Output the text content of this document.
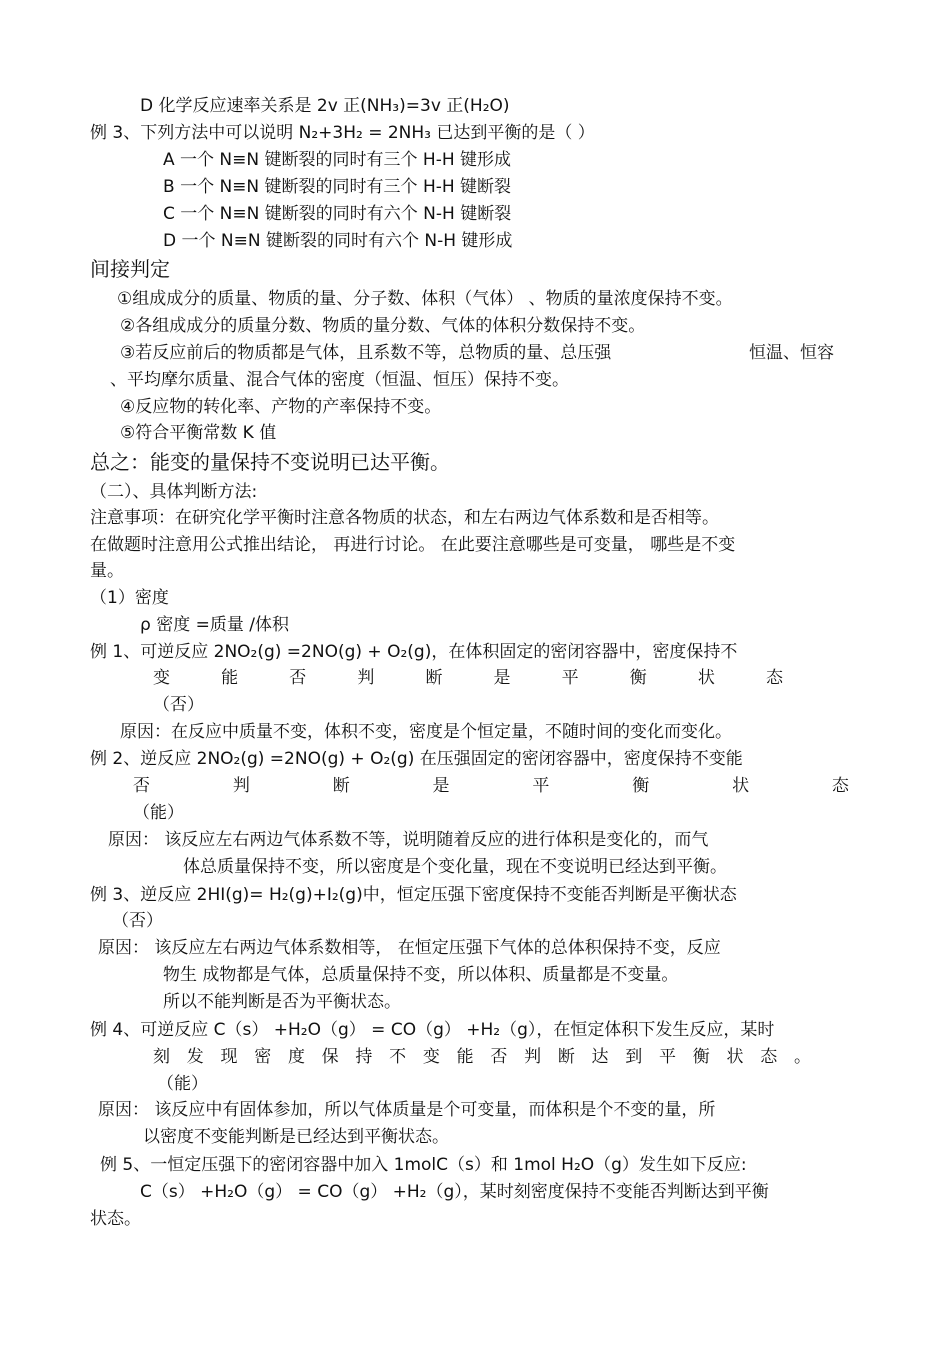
D 化学反应速率关系是 2v 正(NH₃)=3v 正(H₂O)
例 3、下列方法中可以说明 N₂+3H₂ = 2NH₃ 已达到平衡的是（ ）
A 一个 N≡N 键断裂的同时有三个 H-H 键形成
B 一个 N≡N 键断裂的同时有三个 H-H 键断裂
C 一个 N≡N 键断裂的同时有六个 N-H 键断裂
D 一个 N≡N 键断裂的同时有六个 N-H 键形成
间接判定
①组成成分的质量、物质的量、分子数、体积（气体） 、物质的量浓度保持不变。
②各组成成分的质量分数、物质的量分数、气体的体积分数保持不变。
③若反应前后的物质都是气体，且系数不等，总物质的量、总压强	恒温、恒容
、平均摩尔质量、混合气体的密度（恒温、恒压）保持不变。
④反应物的转化率、产物的产率保持不变。
⑤符合平衡常数 K 值
总之：能变的量保持不变说明已达平衡。
（二）、具体判断方法:
注意事项：在研究化学平衡时注意各物质的状态，和左右两边气体系数和是否相等。
在做题时注意用公式推出结论， 再进行讨论。 在此要注意哪些是可变量， 哪些是不变
量。
（1）密度
ρ 密度 =质量 /体积
例 1、可逆反应 2NO₂(g) =2NO(g) + O₂(g)，在体积固定的密闭容器中，密度保持不
变	能	否	判	断	是	平	衡	状	态
（否）
原因：在反应中质量不变，体积不变，密度是个恒定量，不随时间的变化而变化。
例 2、逆反应 2NO₂(g) =2NO(g) + O₂(g) 在压强固定的密闭容器中，密度保持不变能
否	判	断	是	平	衡	状	态
（能）
原因： 该反应左右两边气体系数不等，说明随着反应的进行体积是变化的，而气
体总质量保持不变，所以密度是个变化量，现在不变说明已经达到平衡。
例 3、逆反应 2HI(g)= H₂(g)+I₂(g)中，恒定压强下密度保持不变能否判断是平衡状态
（否）
原因： 该反应左右两边气体系数相等， 在恒定压强下气体的总体积保持不变，反应
物生 成物都是气体，总质量保持不变，所以体积、质量都是不变量。
所以不能判断是否为平衡状态。
例 4、可逆反应 C（s） +H₂O（g） = CO（g） +H₂（g），在恒定体积下发生反应，某时
刻 发 现 密 度 保 持 不 变 能 否 判 断 达 到 平 衡 状 态 。
（能）
原因： 该反应中有固体参加，所以气体质量是个可变量，而体积是个不变的量，所
以密度不变能判断是已经达到平衡状态。
例 5、一恒定压强下的密闭容器中加入 1molC（s）和 1mol H₂O（g）发生如下反应:
C（s） +H₂O（g） = CO（g） +H₂（g），某时刻密度保持不变能否判断达到平衡
状态。
